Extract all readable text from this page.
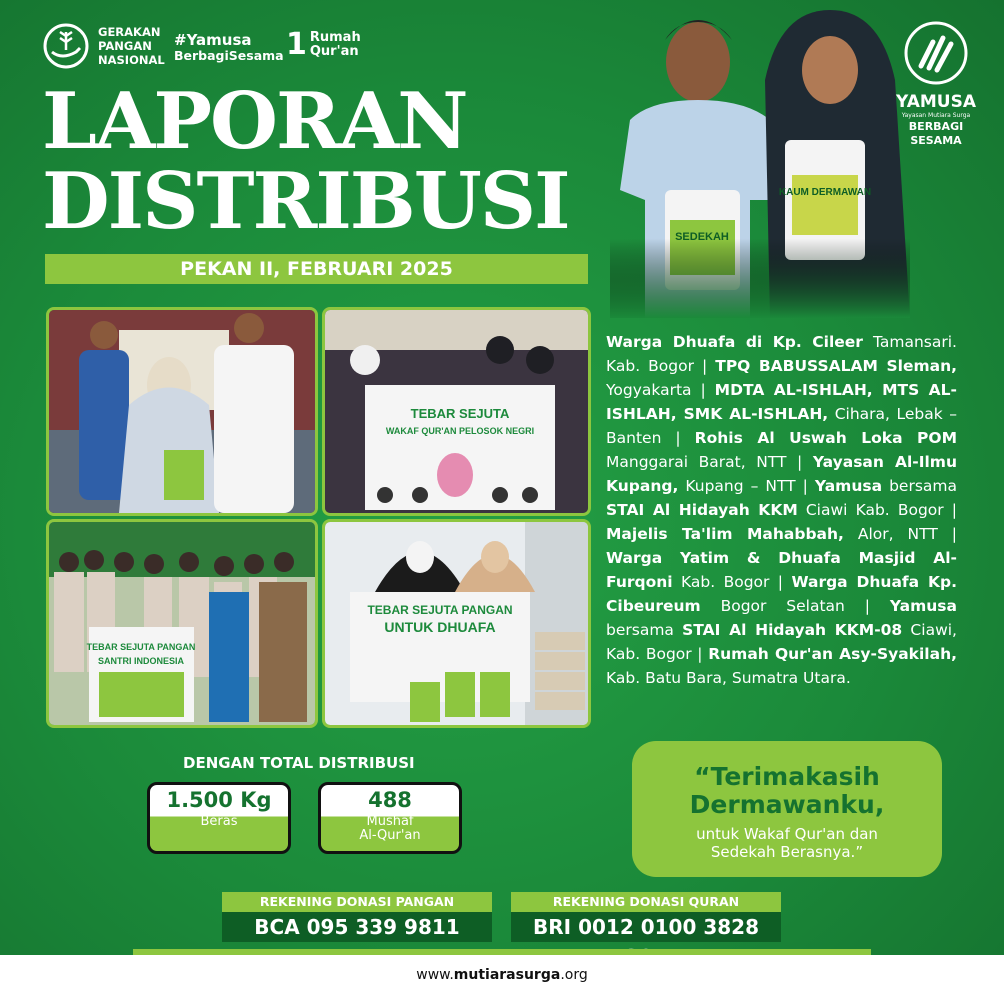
GERAKAN
PANGAN
NASIONAL
#Yamusa
BerbagiSesama 1 Rumah
Qur'an
LAPORAN
DISTRIBUSI
PEKAN II, FEBRUARI 2025
YAMUSA
Yayasan Mutiara Surga
BERBAGI
SESAMA
TEBAR SEJUTA
WAKAF QUR'AN PELOSOK NEGRI
TEBAR SEJUTA PANGAN
SANTRI INDONESIA
TEBAR SEJUTA PANGAN
UNTUK DHUAFA
Warga Dhuafa di Kp. Cileer Tamansari. Kab. Bogor | TPQ BABUSSALAM Sleman, Yogyakarta | MDTA AL-ISHLAH, MTS AL-ISHLAH, SMK AL-ISHLAH, Cihara, Lebak – Banten | Rohis Al Uswah Loka POM Manggarai Barat, NTT | Yayasan Al-Ilmu Kupang, Kupang – NTT | Yamusa bersama STAI Al Hidayah KKM Ciawi Kab. Bogor | Majelis Ta'lim Mahabbah, Alor, NTT | Warga Yatim & Dhuafa Masjid Al-Furqoni Kab. Bogor | Warga Dhuafa Kp. Cibeureum Bogor Selatan | Yamusa bersama STAI Al Hidayah KKM-08 Ciawi, Kab. Bogor | Rumah Qur'an Asy-Syakilah, Kab. Batu Bara, Sumatra Utara.
DENGAN TOTAL DISTRIBUSI
1.500 Kg
Beras
488
Mushaf
Al-Qur'an
“Terimakasih
Dermawanku,
untuk Wakaf Qur'an dan
Sedekah Berasnya.”
REKENING DONASI PANGAN
BCA 095 339 9811
REKENING DONASI QURAN
BRI 0012 0100 3828
www.mutiarasurga.org
